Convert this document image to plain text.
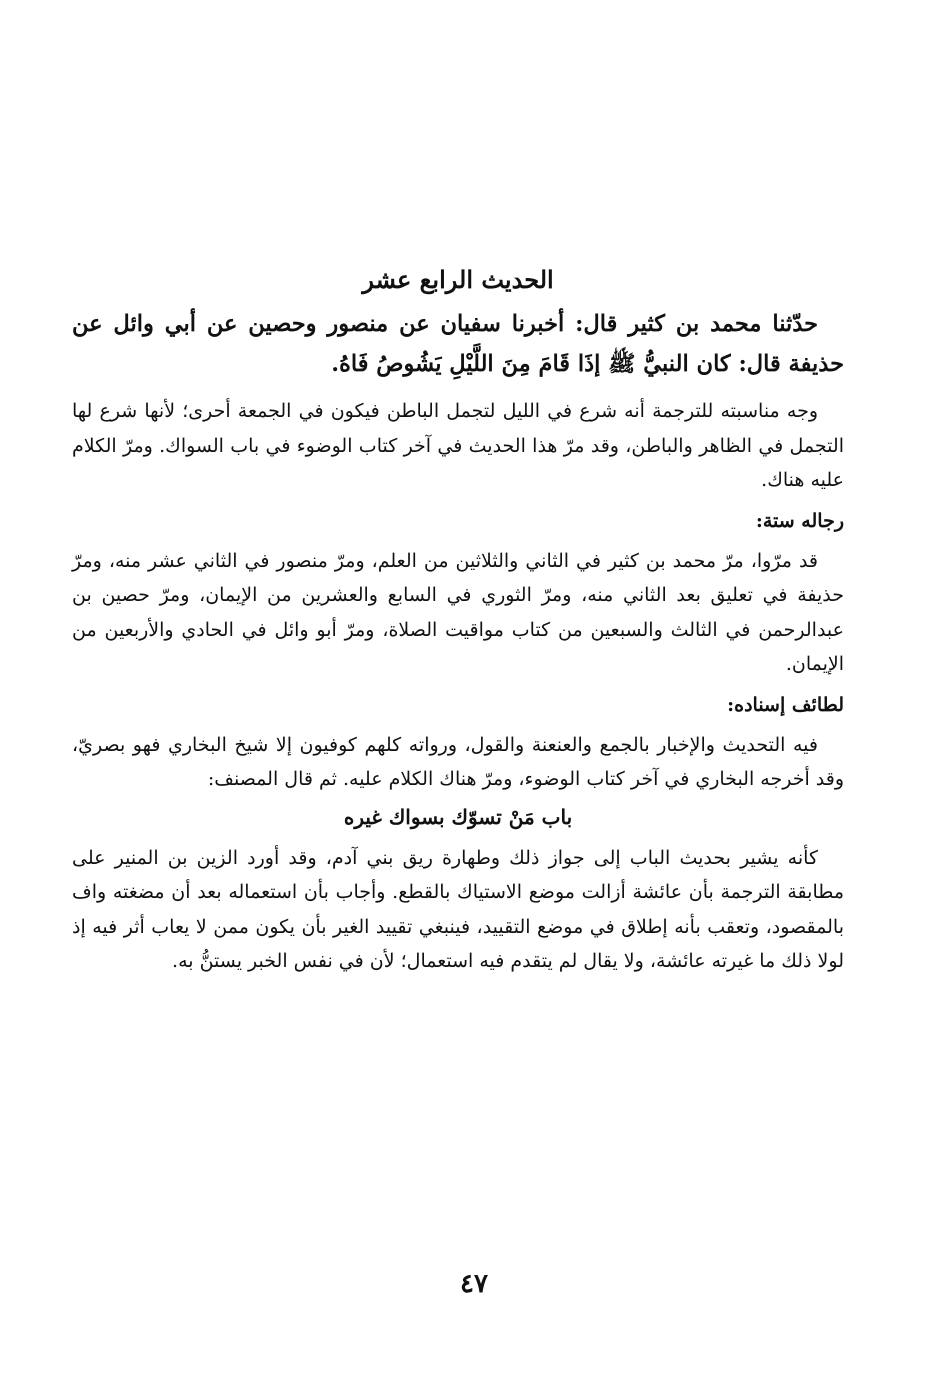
الحديث الرابع عشر

حدّثنا محمد بن كثير قال: أخبرنا سفيان عن منصور وحصين عن أبي وائل عن حذيفة قال: كان النبيُّ ﷺ إذَا قَامَ مِنَ اللَّيْلِ يَشُوصُ فَاهُ.

وجه مناسبته للترجمة أنه شرع في الليل لتجمل الباطن فيكون في الجمعة أحرى؛ لأنها شرع لها التجمل في الظاهر والباطن، وقد مرّ هذا الحديث في آخر كتاب الوضوء في باب السواك. ومرّ الكلام عليه هناك.

رجاله ستة:

قد مرّوا، مرّ محمد بن كثير في الثاني والثلاثين من العلم، ومرّ منصور في الثاني عشر منه، ومرّ حذيفة في تعليق بعد الثاني منه، ومرّ الثوري في السابع والعشرين من الإيمان، ومرّ حصين بن عبدالرحمن في الثالث والسبعين من كتاب مواقيت الصلاة، ومرّ أبو وائل في الحادي والأربعين من الإيمان.

لطائف إسناده:

فيه التحديث والإخبار بالجمع والعنعنة والقول، ورواته كلهم كوفيون إلا شيخ البخاري فهو بصريّ، وقد أخرجه البخاري في آخر كتاب الوضوء، ومرّ هناك الكلام عليه. ثم قال المصنف:

باب مَنْ تسوّك بسواك غيره

كأنه يشير بحديث الباب إلى جواز ذلك وطهارة ريق بني آدم، وقد أورد الزين بن المنير على مطابقة الترجمة بأن عائشة أزالت موضع الاستياك بالقطع. وأجاب بأن استعماله بعد أن مضغته واف بالمقصود، وتعقب بأنه إطلاق في موضع التقييد، فينبغي تقييد الغير بأن يكون ممن لا يعاب أثر فيه إذ لولا ذلك ما غيرته عائشة، ولا يقال لم يتقدم فيه استعمال؛ لأن في نفس الخبر يستنُّ به.

٤٧
